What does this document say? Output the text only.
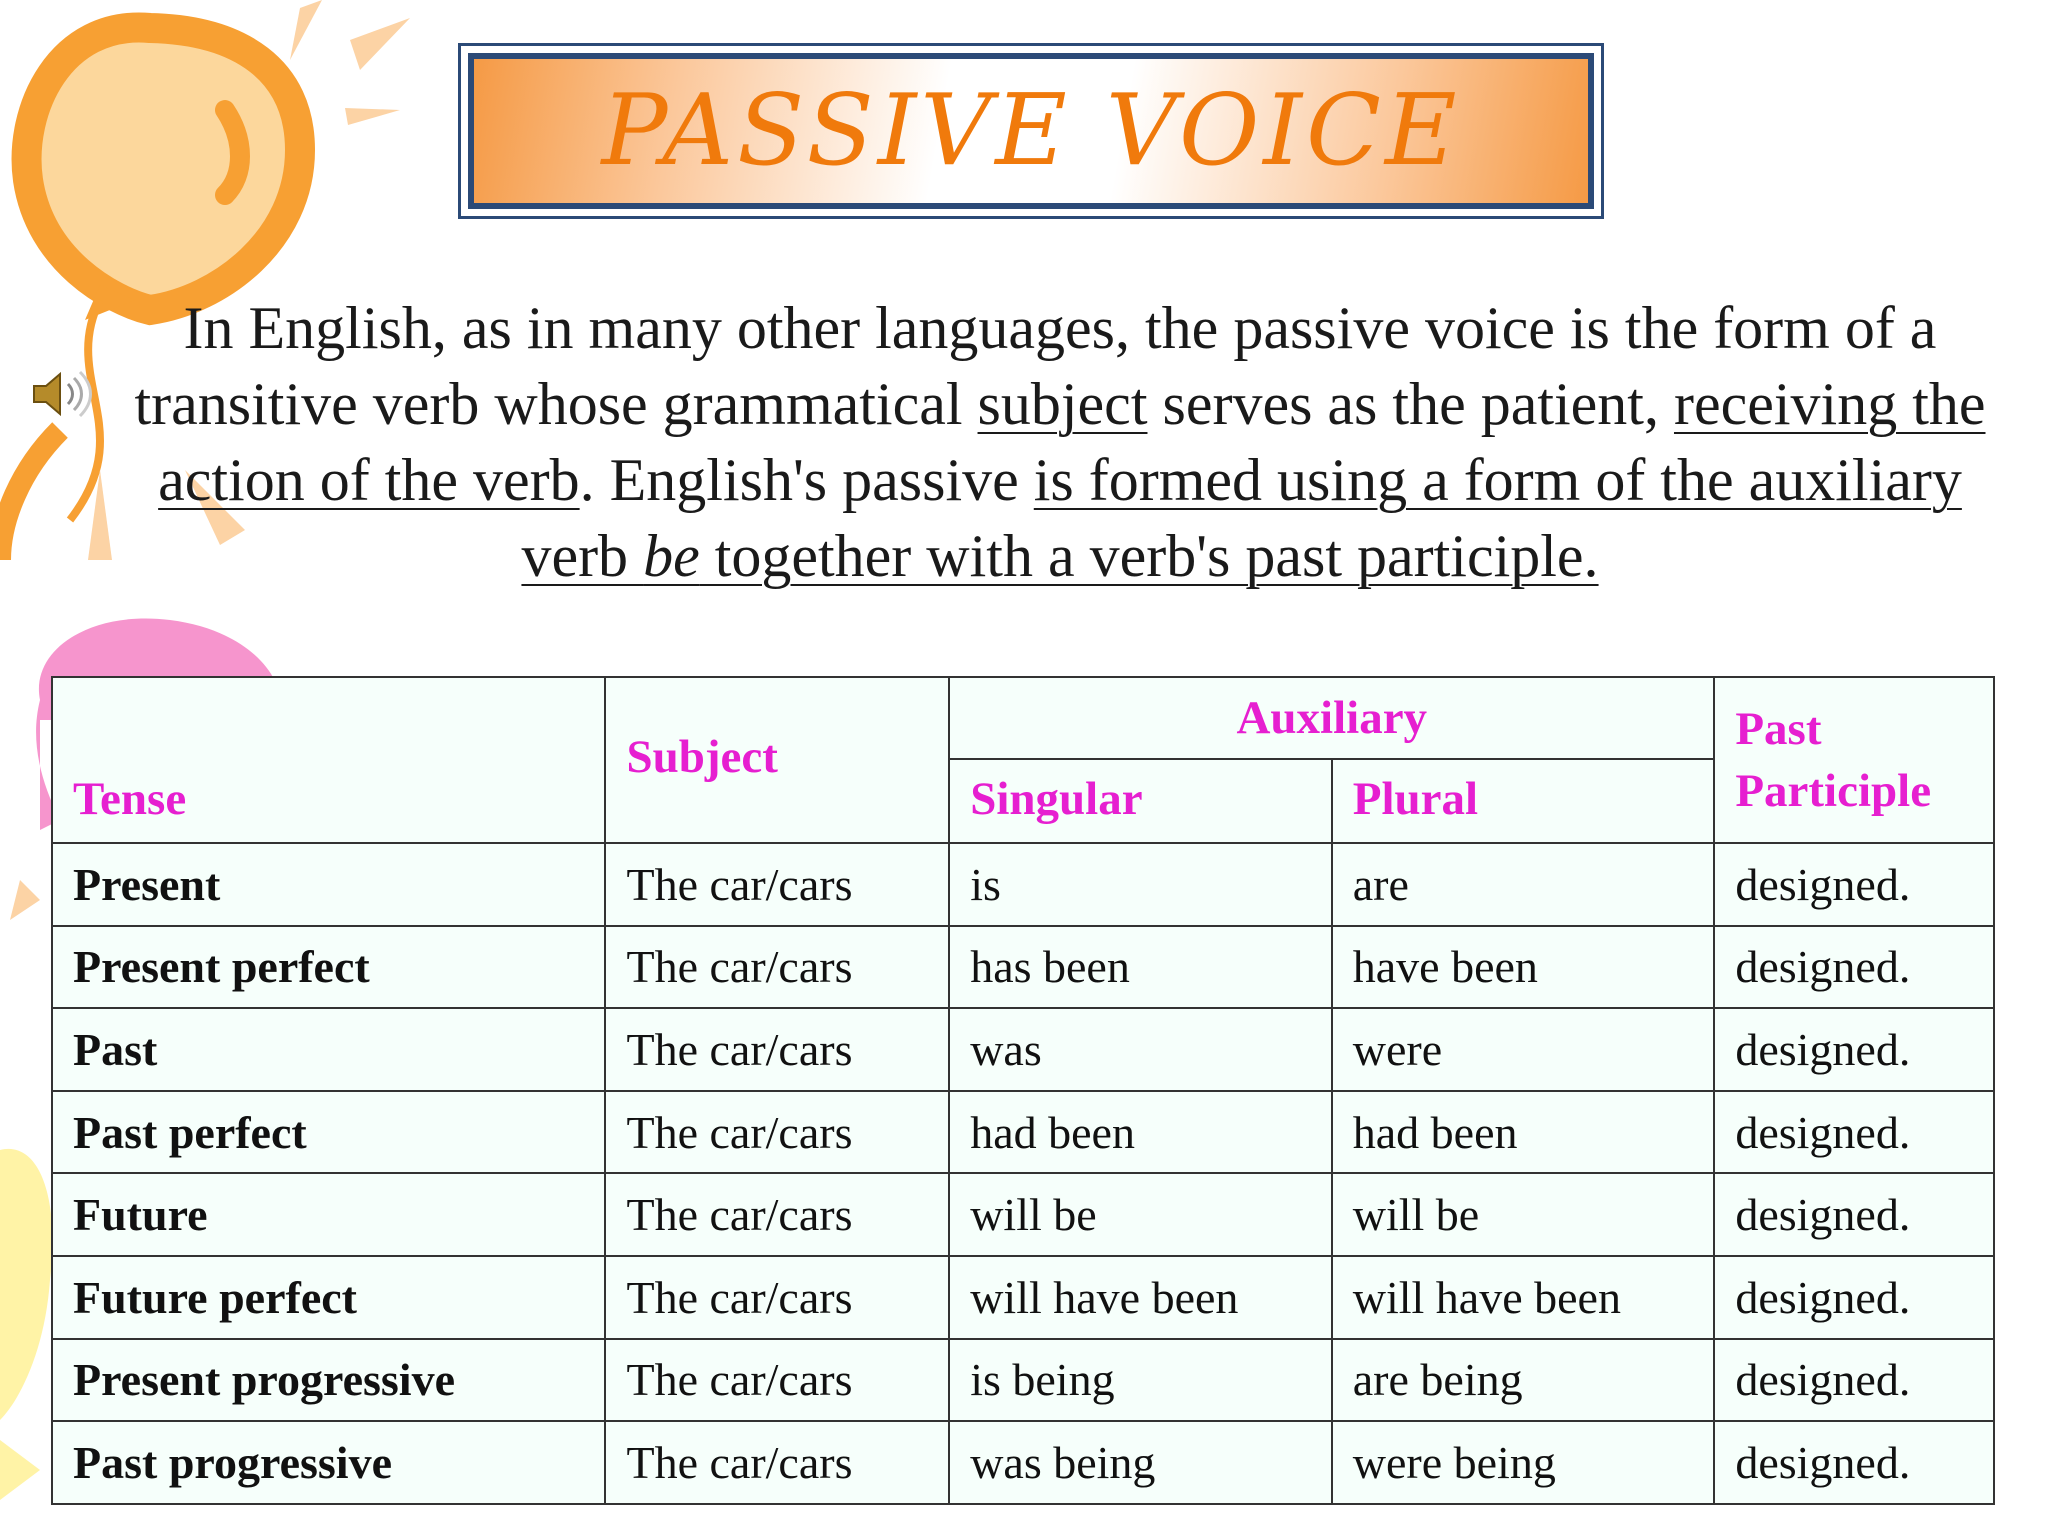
PASSIVE VOICE
In English, as in many other languages, the passive voice is the form of a transitive verb whose grammatical subject serves as the patient, receiving the action of the verb. English's passive is formed using a form of the auxiliary verb be together with a verb's past participle.
Tense	Subject	Auxiliary		Past
Participle
		Singular	Plural	
Present	The car/cars	is	are	designed.
Present perfect	The car/cars	has been	have been	designed.
Past	The car/cars	was	were	designed.
Past perfect	The car/cars	had been	had been	designed.
Future	The car/cars	will be	will be	designed.
Future perfect	The car/cars	will have been	will have been	designed.
Present progressive	The car/cars	is being	are being	designed.
Past progressive	The car/cars	was being	were being	designed.
